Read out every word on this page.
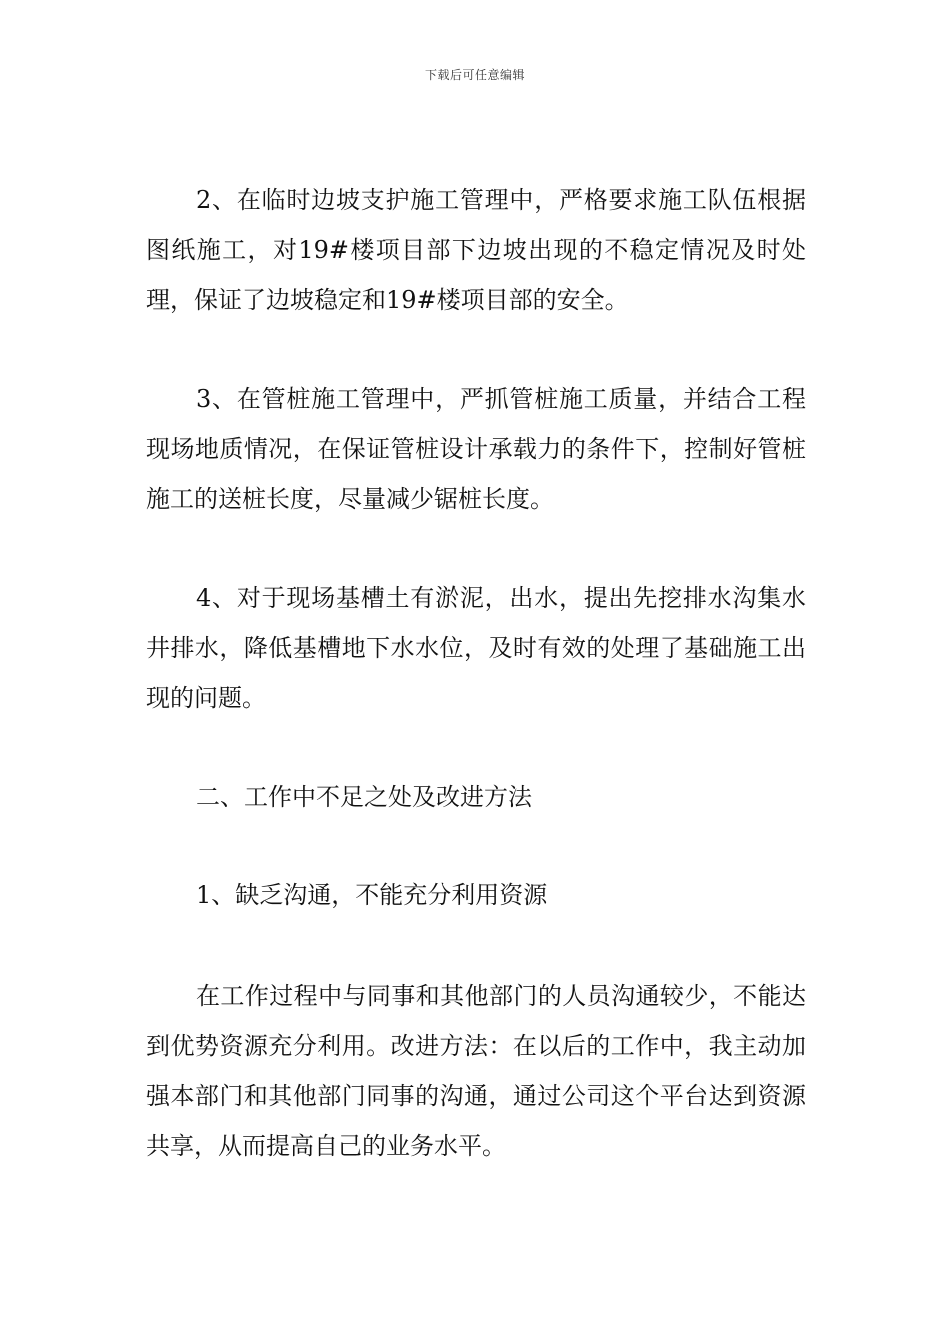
下载后可任意编辑

2、在临时边坡支护施工管理中，严格要求施工队伍根据图纸施工，对19#楼项目部下边坡出现的不稳定情况及时处理，保证了边坡稳定和19#楼项目部的安全。

3、在管桩施工管理中，严抓管桩施工质量，并结合工程现场地质情况，在保证管桩设计承载力的条件下，控制好管桩施工的送桩长度，尽量减少锯桩长度。

4、对于现场基槽土有淤泥，出水，提出先挖排水沟集水井排水，降低基槽地下水水位，及时有效的处理了基础施工出现的问题。

二、工作中不足之处及改进方法

1、缺乏沟通，不能充分利用资源

在工作过程中与同事和其他部门的人员沟通较少，不能达到优势资源充分利用。改进方法：在以后的工作中，我主动加强本部门和其他部门同事的沟通，通过公司这个平台达到资源共享，从而提高自己的业务水平。
